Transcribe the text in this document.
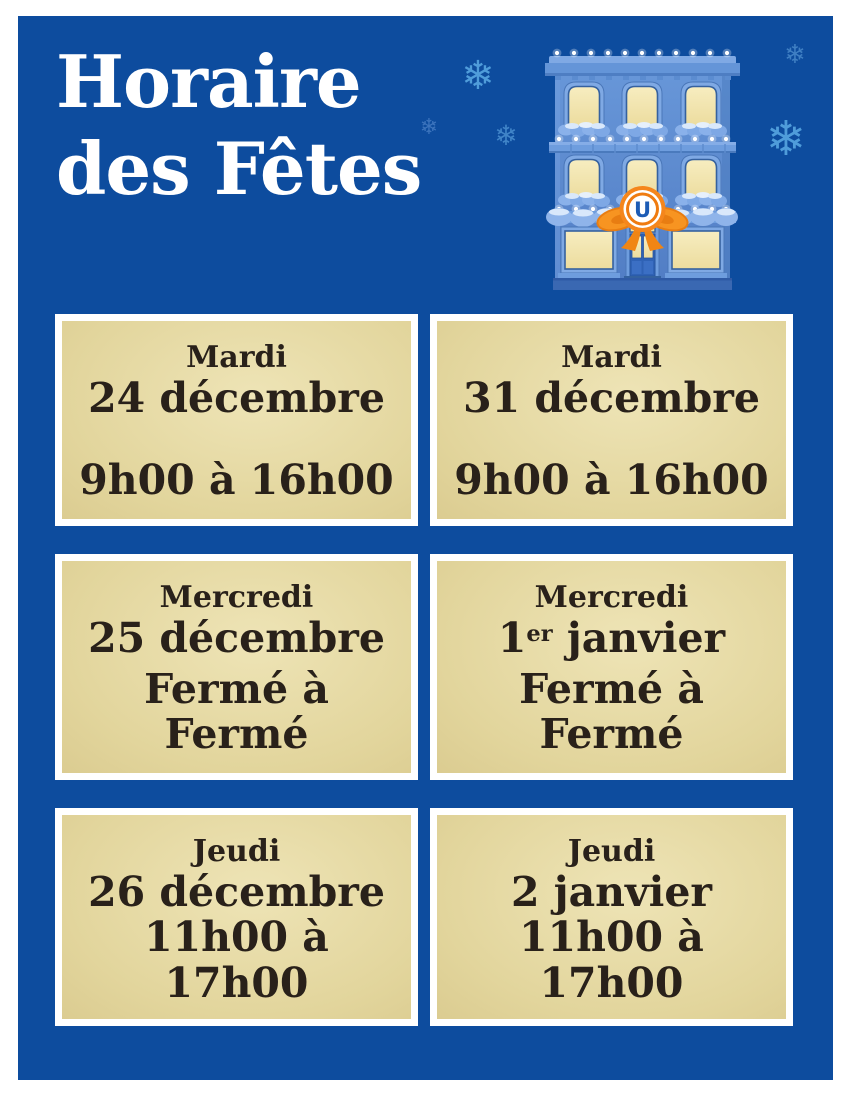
Horaire
des Fêtes
❄
❄ ❄
❄
❄
U
Mardi
24 décembre
9h00 à 16h00
Mardi
31 décembre
9h00 à 16h00
Mercredi
25 décembre
Fermé à Fermé
Mercredi
1er janvier
Fermé à Fermé
Jeudi
26 décembre
11h00 à 17h00
Jeudi
2 janvier
11h00 à 17h00
